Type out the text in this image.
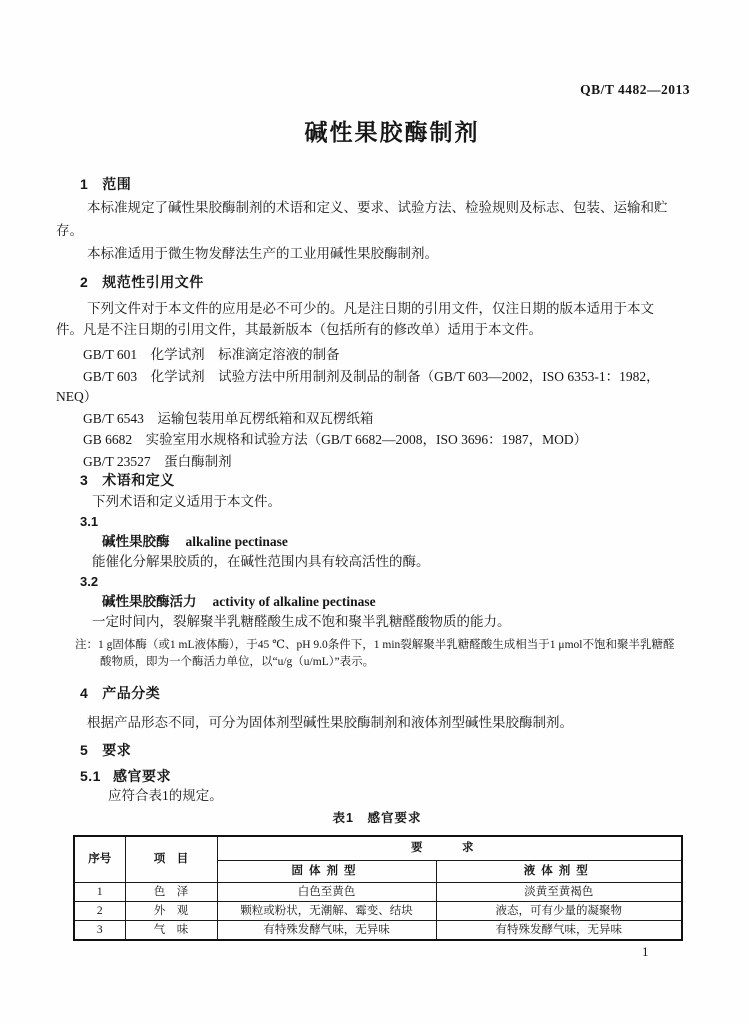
QB/T 4482—2013
碱性果胶酶制剂
1 范围

本标准规定了碱性果胶酶制剂的术语和定义、要求、试验方法、检验规则及标志、包装、运输和贮存。

本标准适用于微生物发酵法生产的工业用碱性果胶酶制剂。

2 规范性引用文件

下列文件对于本文件的应用是必不可少的。凡是注日期的引用文件，仅注日期的版本适用于本文件。凡是不注日期的引用文件，其最新版本（包括所有的修改单）适用于本文件。

GB/T 601　化学试剂　标准滴定溶液的制备

GB/T 603　化学试剂　试验方法中所用制剂及制品的制备（GB/T 603—2002，ISO 6353-1：1982，NEQ）

GB/T 6543　运输包装用单瓦楞纸箱和双瓦楞纸箱

GB 6682　实验室用水规格和试验方法（GB/T 6682—2008，ISO 3696：1987，MOD）

GB/T 23527　蛋白酶制剂

3 术语和定义

下列术语和定义适用于本文件。

3.1
碱性果胶酶 alkaline pectinase

能催化分解果胶质的，在碱性范围内具有较高活性的酶。

3.2
碱性果胶酶活力 activity of alkaline pectinase

一定时间内，裂解聚半乳糖醛酸生成不饱和聚半乳糖醛酸物质的能力。

注：1 g固体酶（或1 mL液体酶），于45 ℃、pH 9.0条件下，1 min裂解聚半乳糖醛酸生成相当于1 μmol不饱和聚半乳糖醛酸物质，即为一个酶活力单位，以“u/g（u/mL）”表示。

4 产品分类

根据产品形态不同，可分为固体剂型碱性果胶酶制剂和液体剂型碱性果胶酶制剂。

5 要求
5.1 感官要求

应符合表1的规定。

表1　感官要求
序号	项　目	要　求	
		固体剂型	液体剂型
1	色　泽	白色至黄色	淡黄至黄褐色
2	外　观	颗粒或粉状，无潮解、霉变、结块	液态，可有少量的凝聚物
3	气　味	有特殊发酵气味，无异味	有特殊发酵气味，无异味
1
